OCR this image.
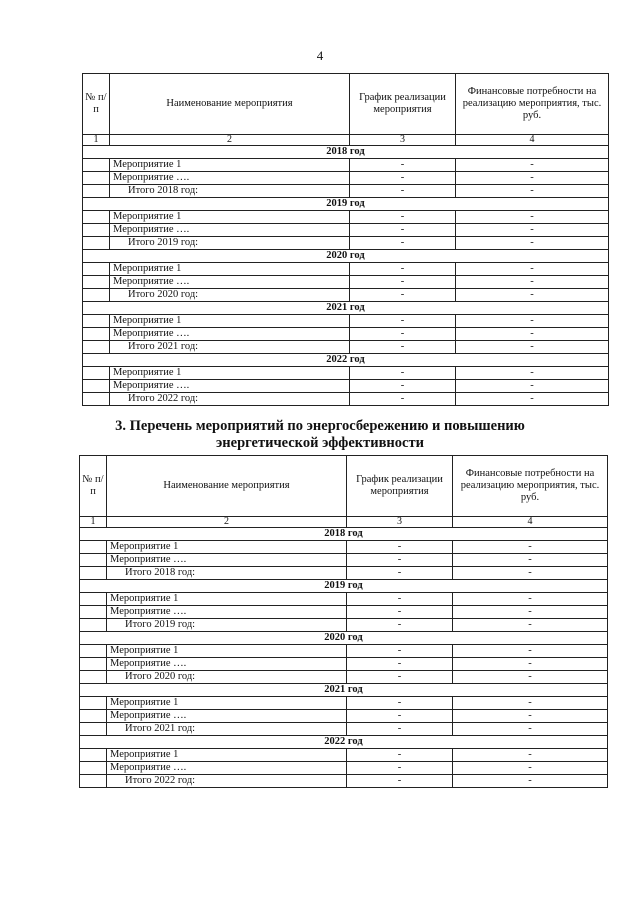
4
№ п/п	Наименование мероприятия	График реализации мероприятия	Финансовые потребности на реализацию мероприятия, тыс. руб.
1	2	3	4
2018 год			
	Мероприятие 1	-	-
	Мероприятие ….	-	-
	Итого 2018 год:	-	-
2019 год			
	Мероприятие 1	-	-
	Мероприятие ….	-	-
	Итого 2019 год:	-	-
2020 год			
	Мероприятие 1	-	-
	Мероприятие ….	-	-
	Итого 2020 год:	-	-
2021 год			
	Мероприятие 1	-	-
	Мероприятие ….	-	-
	Итого 2021 год:	-	-
2022 год			
	Мероприятие 1	-	-
	Мероприятие ….	-	-
	Итого 2022 год:	-	-
3. Перечень мероприятий по энергосбережению и повышению
энергетической эффективности
№ п/п	Наименование мероприятия	График реализации мероприятия	Финансовые потребности на реализацию мероприятия, тыс. руб.
1	2	3	4
2018 год			
	Мероприятие 1	-	-
	Мероприятие ….	-	-
	Итого 2018 год:	-	-
2019 год			
	Мероприятие 1	-	-
	Мероприятие ….	-	-
	Итого 2019 год:	-	-
2020 год			
	Мероприятие 1	-	-
	Мероприятие ….	-	-
	Итого 2020 год:	-	-
2021 год			
	Мероприятие 1	-	-
	Мероприятие ….	-	-
	Итого 2021 год:	-	-
2022 год			
	Мероприятие 1	-	-
	Мероприятие ….	-	-
	Итого 2022 год:	-	-
